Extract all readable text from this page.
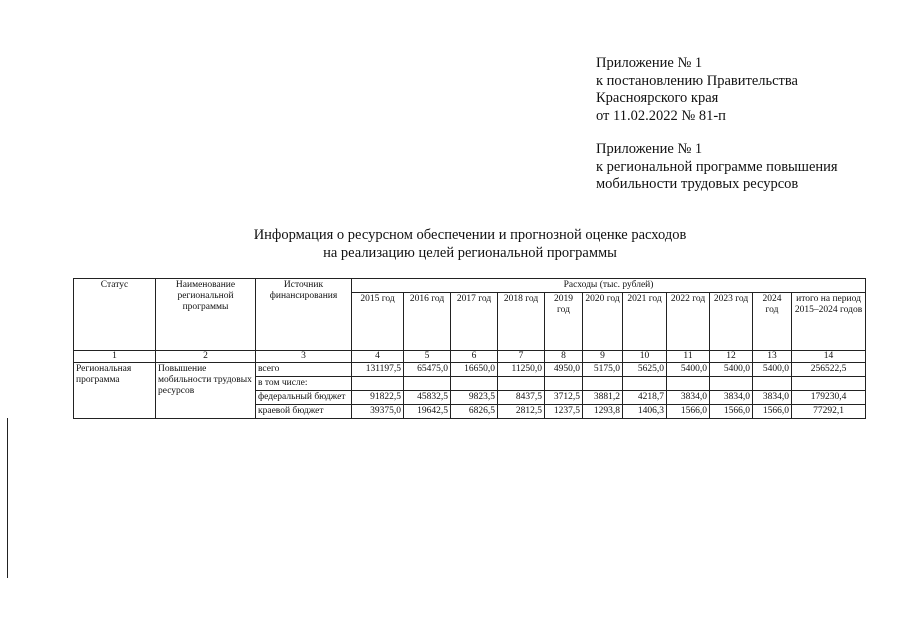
Приложение № 1
к постановлению Правительства
Красноярского края
от 11.02.2022 № 81-п
Приложение № 1
к региональной программе повышения
мобильности трудовых ресурсов
Информация о ресурсном обеспечении и прогнозной оценке расходов
на реализацию целей региональной программы
Статус	Наименование региональной программы	Источник финансирования	Расходы (тыс. рублей)										
			2015 год	2016 год	2017 год	2018 год	2019 год	2020 год	2021 год	2022 год	2023 год	2024 год	итого на период 2015–2024 годов
1	2	3	4	5	6	7	8	9	10	11	12	13	14
Региональная программа	Повышение мобильности трудовых ресурсов	всего	131197,5	65475,0	16650,0	11250,0	4950,0	5175,0	5625,0	5400,0	5400,0	5400,0	256522,5
		в том числе:											
		федеральный бюджет	91822,5	45832,5	9823,5	8437,5	3712,5	3881,2	4218,7	3834,0	3834,0	3834,0	179230,4
		краевой бюджет	39375,0	19642,5	6826,5	2812,5	1237,5	1293,8	1406,3	1566,0	1566,0	1566,0	77292,1
